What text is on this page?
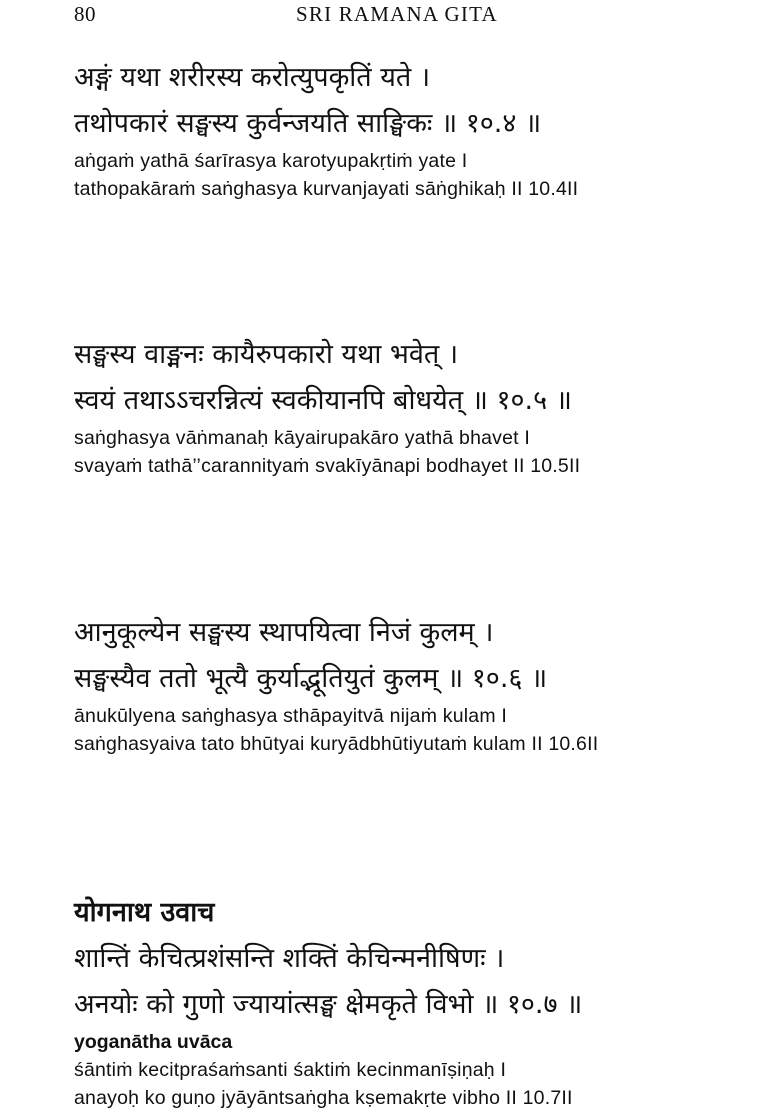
80	SRI RAMANA GITA
अङ्गं यथा शरीरस्य करोत्युपकृतिं यते ।
तथोपकारं सङ्घस्य कुर्वन्जयति साङ्घिकः ॥ १०.४ ॥
aṅgaṁ yathā śarīrasya karotyupakṛtiṁ yate I
tathopakāraṁ saṅghasya kurvanjayati sāṅghikaḥ II 10.4II
सङ्घस्य वाङ्मनः कायैरुपकारो यथा भवेत् ।
स्वयं तथाऽऽचरन्नित्यं स्वकीयानपि बोधयेत् ॥ १०.५ ॥
saṅghasya vāṅmanaḥ kāyairupakāro yathā bhavet I
svayaṁ tathā’’carannityaṁ svakīyānapi bodhayet II 10.5II
आनुकूल्येन सङ्घस्य स्थापयित्वा निजं कुलम् ।
सङ्घस्यैव ततो भूत्यै कुर्याद्भूतियुतं कुलम् ॥ १०.६ ॥
ānukūlyena saṅghasya sthāpayitvā nijaṁ kulam I
saṅghasyaiva tato bhūtyai kuryādbhūtiyutaṁ kulam II 10.6II
योगनाथ उवाच
शान्तिं केचित्प्रशंसन्ति शक्तिं केचिन्मनीषिणः ।
अनयोः को गुणो ज्यायांत्सङ्घ क्षेमकृते विभो ॥ १०.७ ॥
yoganātha uvāca
śāntiṁ kecitpraśaṁsanti śaktiṁ kecinmanīṣiṇaḥ I
anayoḥ ko guṇo jyāyāntsaṅgha kṣemakṛte vibho II 10.7II
